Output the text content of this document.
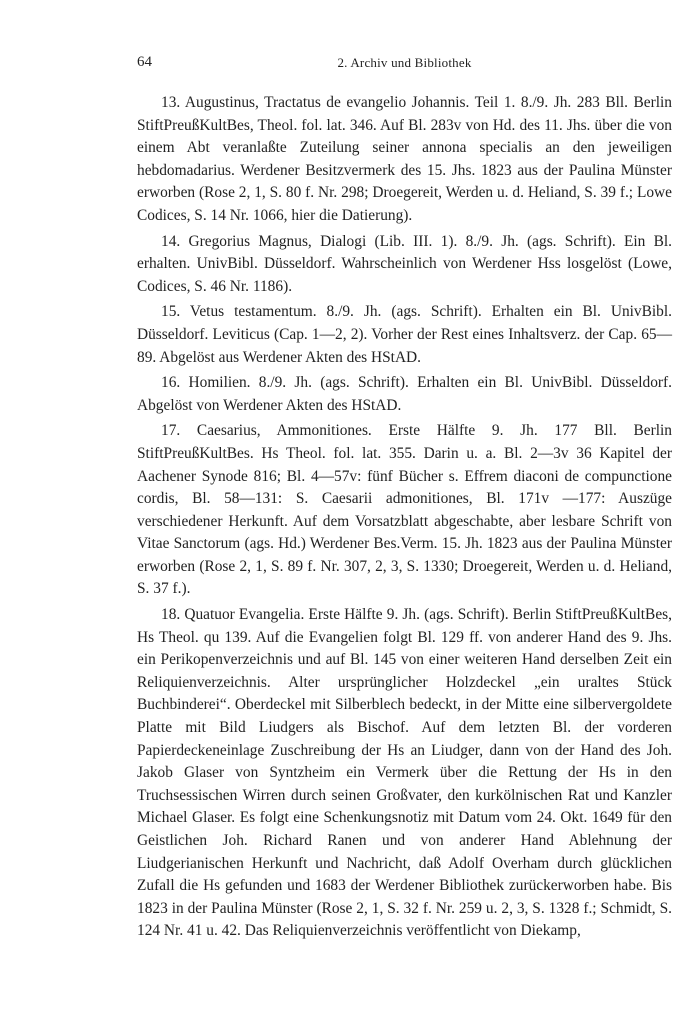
64	2. Archiv und Bibliothek

13. Augustinus, Tractatus de evangelio Johannis. Teil 1. 8./9. Jh. 283 Bll. Berlin StiftPreußKultBes, Theol. fol. lat. 346. Auf Bl. 283v von Hd. des 11. Jhs. über die von einem Abt veranlaßte Zuteilung seiner annona specialis an den jeweiligen hebdomadarius. Werdener Besitzvermerk des 15. Jhs. 1823 aus der Paulina Münster erworben (Rose 2, 1, S. 80 f. Nr. 298; Droegereit, Werden u. d. Heliand, S. 39 f.; Lowe Codices, S. 14 Nr. 1066, hier die Datierung).

14. Gregorius Magnus, Dialogi (Lib. III. 1). 8./9. Jh. (ags. Schrift). Ein Bl. erhalten. UnivBibl. Düsseldorf. Wahrscheinlich von Werdener Hss losgelöst (Lowe, Codices, S. 46 Nr. 1186).

15. Vetus testamentum. 8./9. Jh. (ags. Schrift). Erhalten ein Bl. UnivBibl. Düsseldorf. Leviticus (Cap. 1—2, 2). Vorher der Rest eines Inhaltsverz. der Cap. 65—89. Abgelöst aus Werdener Akten des HStAD.

16. Homilien. 8./9. Jh. (ags. Schrift). Erhalten ein Bl. UnivBibl. Düsseldorf. Abgelöst von Werdener Akten des HStAD.

17. Caesarius, Ammonitiones. Erste Hälfte 9. Jh. 177 Bll. Berlin StiftPreußKultBes. Hs Theol. fol. lat. 355. Darin u. a. Bl. 2—3v 36 Kapitel der Aachener Synode 816; Bl. 4—57v: fünf Bücher s. Effrem diaconi de compunctione cordis, Bl. 58—131: S. Caesarii admonitiones, Bl. 171v —177: Auszüge verschiedener Herkunft. Auf dem Vorsatzblatt abgeschabte, aber lesbare Schrift von Vitae Sanctorum (ags. Hd.) Werdener Bes.Verm. 15. Jh. 1823 aus der Paulina Münster erworben (Rose 2, 1, S. 89 f. Nr. 307, 2, 3, S. 1330; Droegereit, Werden u. d. Heliand, S. 37 f.).

18. Quatuor Evangelia. Erste Hälfte 9. Jh. (ags. Schrift). Berlin StiftPreußKultBes, Hs Theol. qu 139. Auf die Evangelien folgt Bl. 129 ff. von anderer Hand des 9. Jhs. ein Perikopenverzeichnis und auf Bl. 145 von einer weiteren Hand derselben Zeit ein Reliquienverzeichnis. Alter ursprünglicher Holzdeckel „ein uraltes Stück Buchbinderei“. Oberdeckel mit Silberblech bedeckt, in der Mitte eine silbervergoldete Platte mit Bild Liudgers als Bischof. Auf dem letzten Bl. der vorderen Papierdeckeneinlage Zuschreibung der Hs an Liudger, dann von der Hand des Joh. Jakob Glaser von Syntzheim ein Vermerk über die Rettung der Hs in den Truchsessischen Wirren durch seinen Großvater, den kurkölnischen Rat und Kanzler Michael Glaser. Es folgt eine Schenkungsnotiz mit Datum vom 24. Okt. 1649 für den Geistlichen Joh. Richard Ranen und von anderer Hand Ablehnung der Liudgerianischen Herkunft und Nachricht, daß Adolf Overham durch glücklichen Zufall die Hs gefunden und 1683 der Werdener Bibliothek zurückerworben habe. Bis 1823 in der Paulina Münster (Rose 2, 1, S. 32 f. Nr. 259 u. 2, 3, S. 1328 f.; Schmidt, S. 124 Nr. 41 u. 42. Das Reliquienverzeichnis veröffentlicht von Diekamp,
